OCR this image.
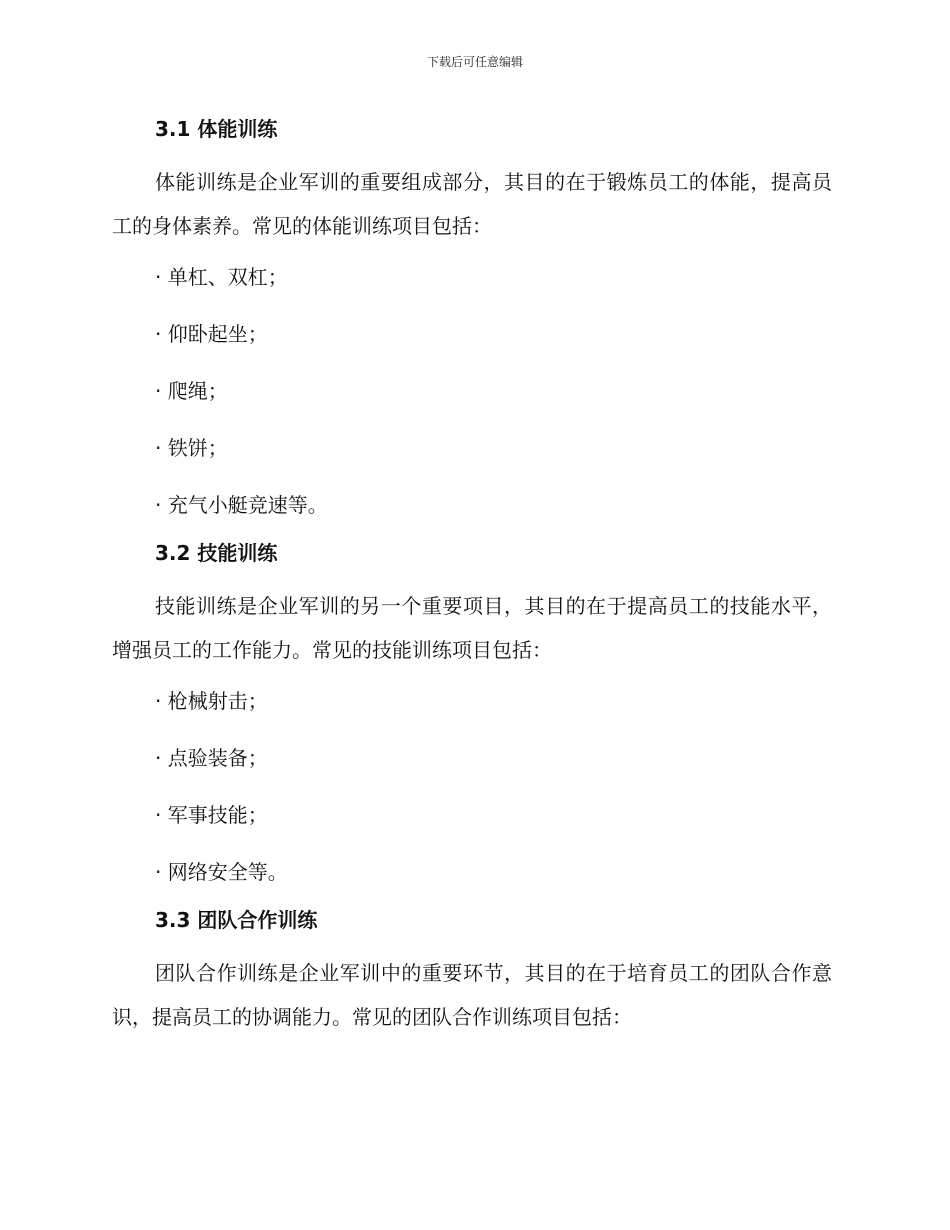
下载后可任意编辑
3.1 体能训练
体能训练是企业军训的重要组成部分，其目的在于锻炼员工的体能，提高员工的身体素养。常见的体能训练项目包括：
· 单杠、双杠；
· 仰卧起坐；
· 爬绳；
· 铁饼；
· 充气小艇竞速等。
3.2 技能训练
技能训练是企业军训的另一个重要项目，其目的在于提高员工的技能水平，增强员工的工作能力。常见的技能训练项目包括：
· 枪械射击；
· 点验装备；
· 军事技能；
· 网络安全等。
3.3 团队合作训练
团队合作训练是企业军训中的重要环节，其目的在于培育员工的团队合作意识，提高员工的协调能力。常见的团队合作训练项目包括：
